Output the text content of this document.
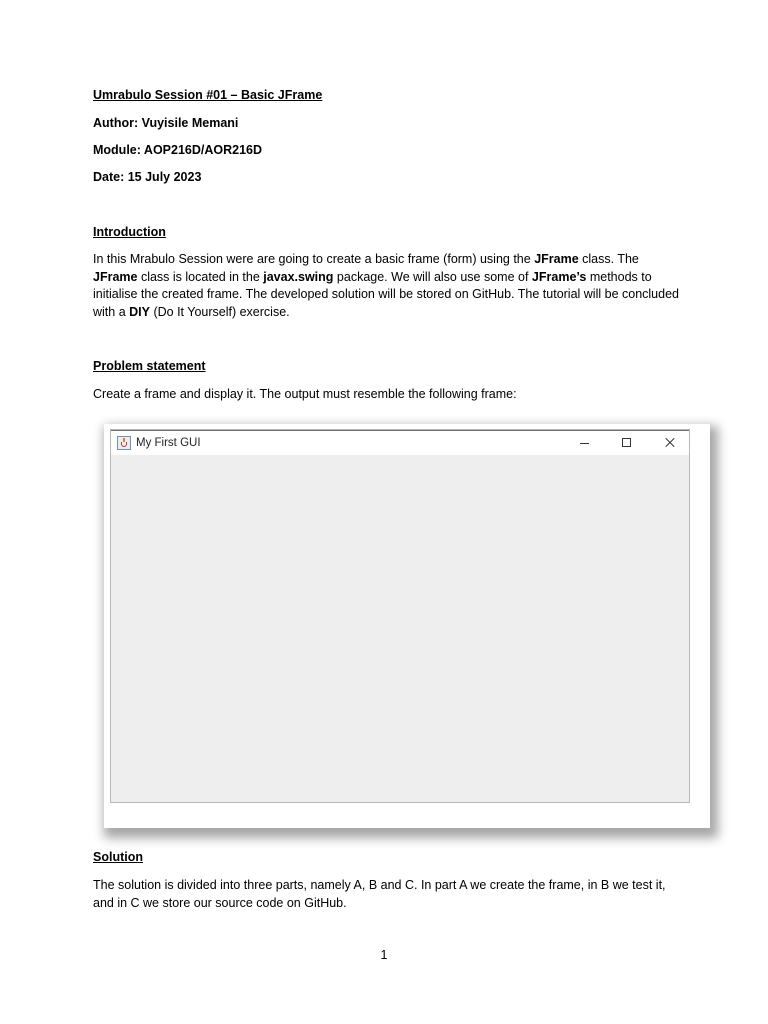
Umrabulo Session #01 – Basic JFrame
Author: Vuyisile Memani
Module: AOP216D/AOR216D
Date: 15 July 2023
Introduction
In this Mrabulo Session were are going to create a basic frame (form) using the JFrame class. The JFrame class is located in the javax.swing package. We will also use some of JFrame’s methods to initialise the created frame. The developed solution will be stored on GitHub. The tutorial will be concluded with a DIY (Do It Yourself) exercise.
Problem statement
Create a frame and display it. The output must resemble the following frame:
My First GUI
Solution
The solution is divided into three parts, namely A, B and C. In part A we create the frame, in B we test it, and in C we store our source code on GitHub.
1
